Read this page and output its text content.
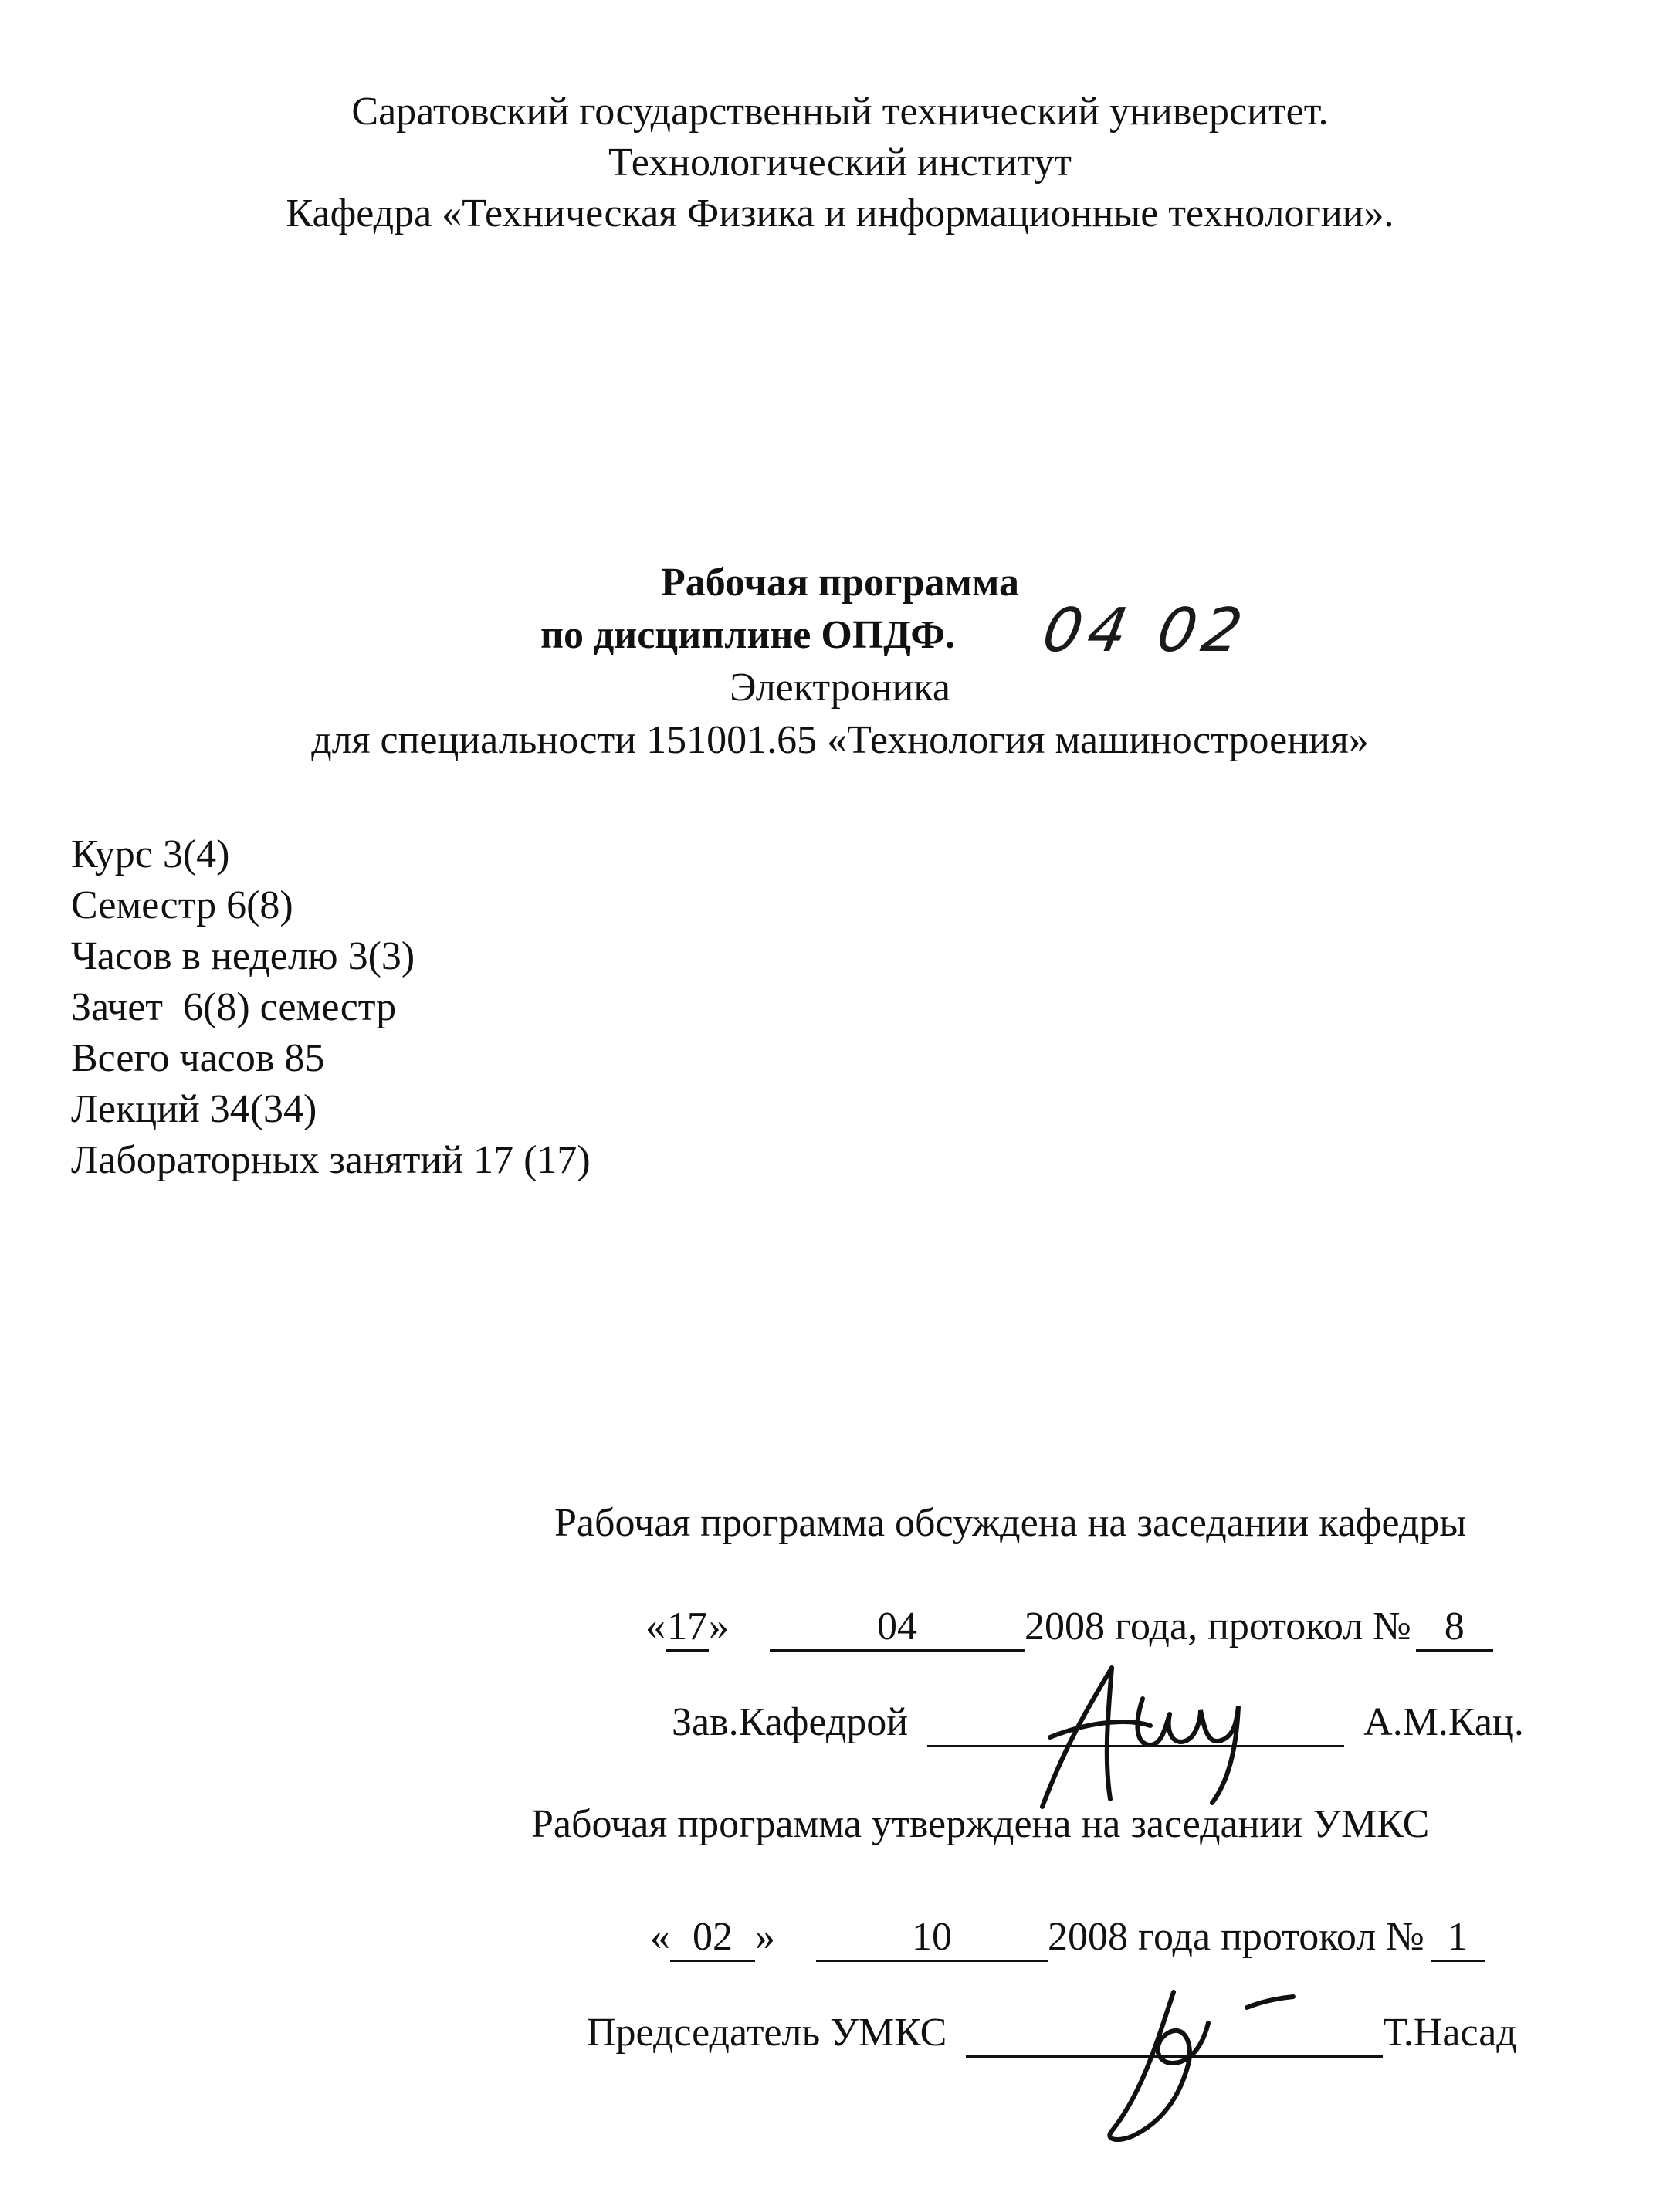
Саратовский государственный технический университет.
Технологический институт
Кафедра «Техническая Физика и информационные технологии».
Рабочая программа
по дисциплине ОПДФ. 04 02
Электроника
для специальности 151001.65 «Технология машиностроения»
Курс 3(4)
Семестр 6(8)
Часов в неделю 3(3)
Зачет  6(8) семестр
Всего часов 85
Лекций 34(34)
Лабораторных занятий 17 (17)
Рабочая программа обсуждена на заседании кафедры
«17»	04	2008 года, протокол № 8
Зав.Кафедрой	А.М.Кац.
Рабочая программа утверждена на заседании УМКС
« 02 »	10 2008 года протокол № 1
Председатель УМКС	Т.Насад
